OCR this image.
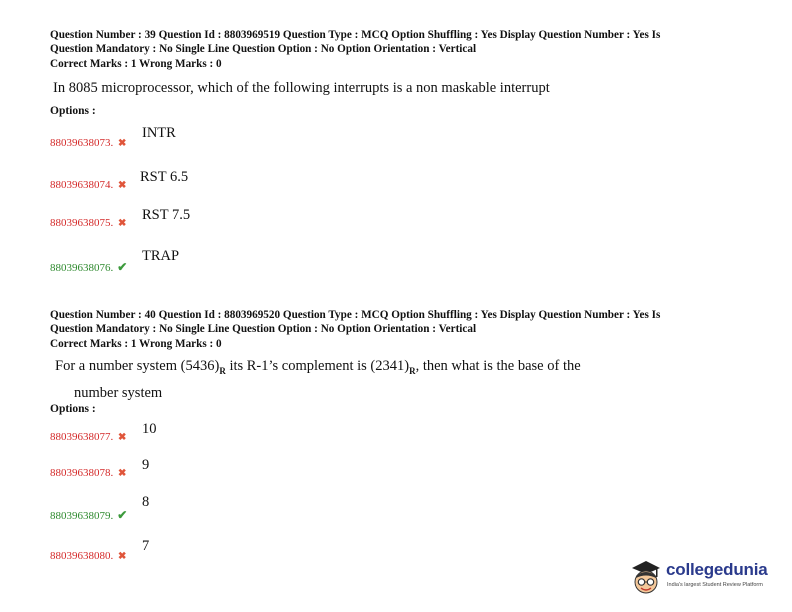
Question Number : 39 Question Id : 8803969519 Question Type : MCQ Option Shuffling : Yes Display Question Number : Yes Is
Question Mandatory : No Single Line Question Option : No Option Orientation : Vertical
Correct Marks : 1 Wrong Marks : 0
In 8085 microprocessor, which of the following interrupts is a non maskable interrupt
Options :
88039638073. ✖
INTR
88039638074. ✖
RST 6.5
88039638075. ✖
RST 7.5
88039638076. ✔
TRAP
Question Number : 40 Question Id : 8803969520 Question Type : MCQ Option Shuffling : Yes Display Question Number : Yes Is
Question Mandatory : No Single Line Question Option : No Option Orientation : Vertical
Correct Marks : 1 Wrong Marks : 0
For a number system $(5436)_R$ its R-1’s complement is $(2341)_R$, then what is the base of the
number system
Options :
88039638077. ✖
10
88039638078. ✖
9
88039638079. ✔
8
88039638080. ✖
7
collegedunia
India's largest Student Review Platform
